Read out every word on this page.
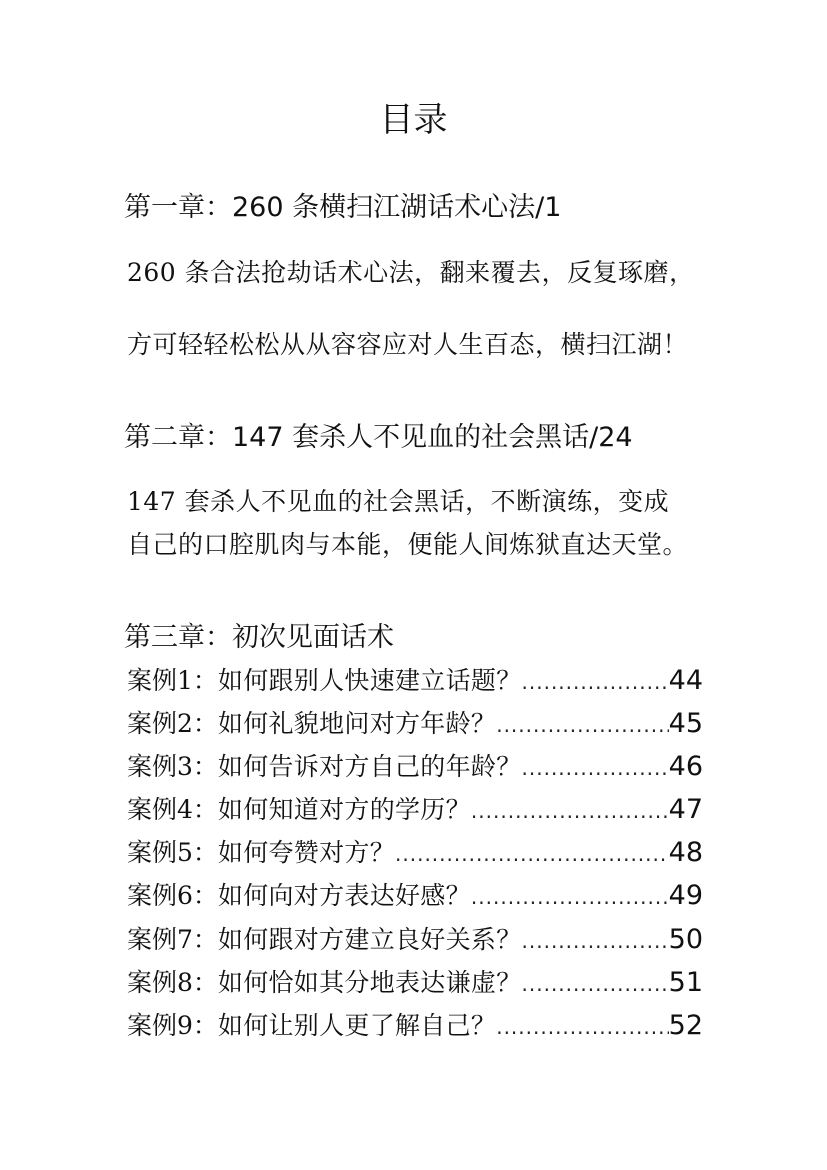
目录
第一章：260 条横扫江湖话术心法/1

260 条合法抢劫话术心法，翻来覆去，反复琢磨，

方可轻轻松松从从容容应对人生百态，横扫江湖！

第二章：147 套杀人不见血的社会黑话/24

147 套杀人不见血的社会黑话，不断演练，变成

自己的口腔肌肉与本能，便能人间炼狱直达天堂。

第三章：初次见面话术
案例1： 如何跟别人快速建立话题？ .....	44
案例2： 如何礼貌地问对方年龄？ .....	45
案例3： 如何告诉对方自己的年龄？ .....	46
案例4： 如何知道对方的学历？ .....	47
案例5： 如何夸赞对方？ .....	48
案例6： 如何向对方表达好感？ .....	49
案例7： 如何跟对方建立良好关系？ .....	50
案例8： 如何恰如其分地表达谦虚？ .....	51
案例9： 如何让别人更了解自己？ .....	52
